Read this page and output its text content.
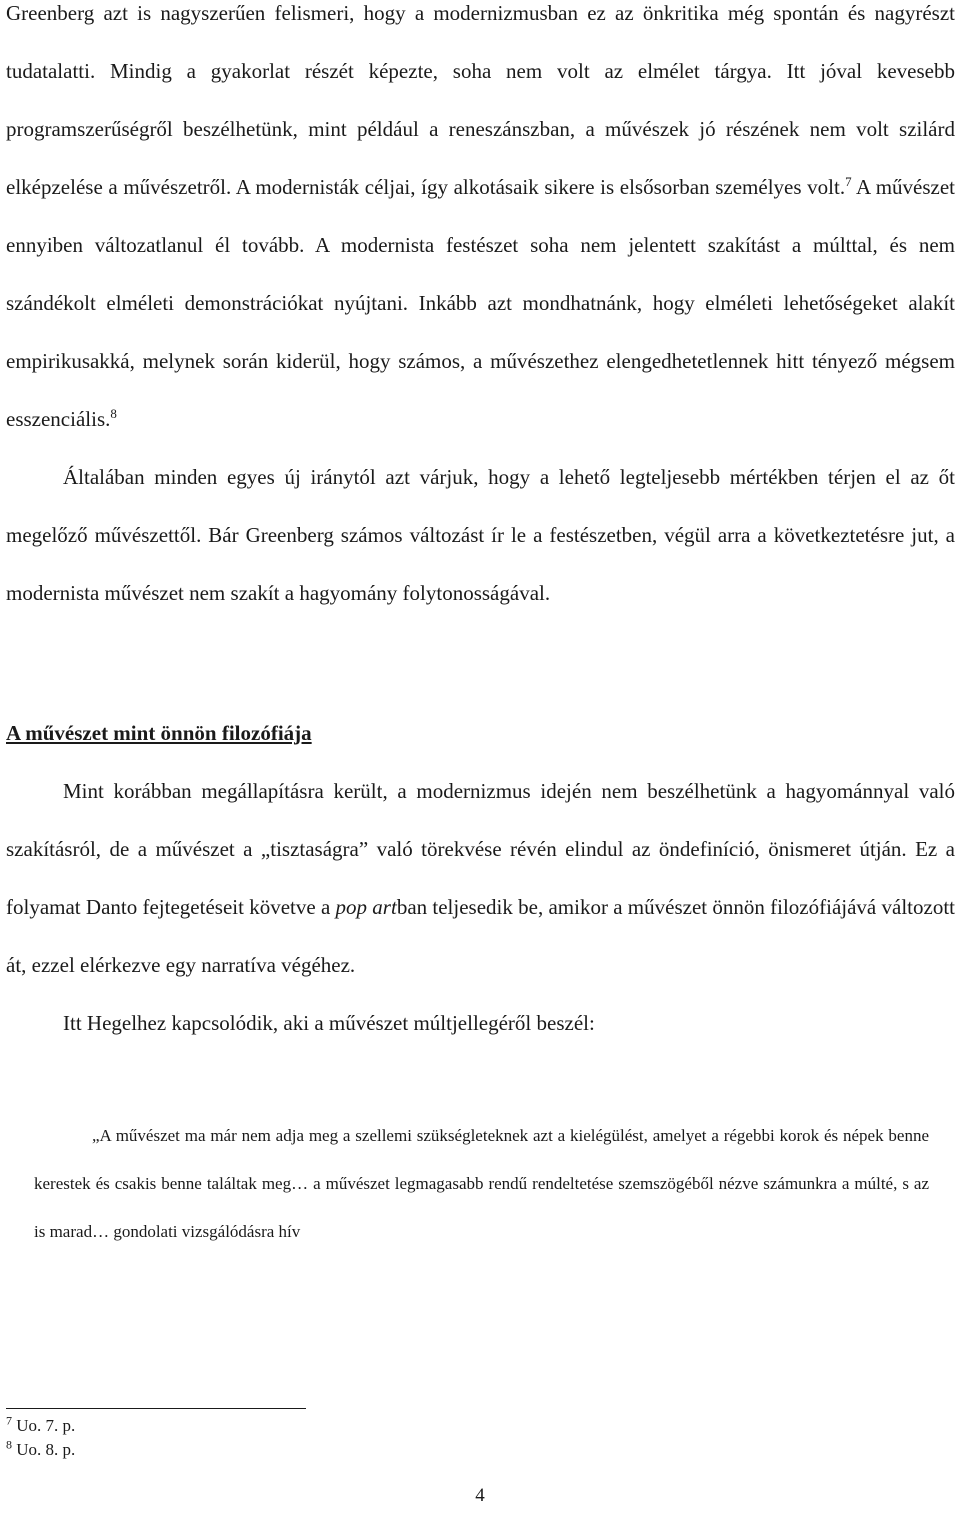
Greenberg azt is nagyszerűen felismeri, hogy a modernizmusban ez az önkritika még spontán és nagyrészt tudatalatti. Mindig a gyakorlat részét képezte, soha nem volt az elmélet tárgya. Itt jóval kevesebb programszerűségről beszélhetünk, mint például a reneszánszban, a művészek jó részének nem volt szilárd elképzelése a művészetről. A modernisták céljai, így alkotásaik sikere is elsősorban személyes volt.$^7$ A művészet ennyiben változatlanul él tovább. A modernista festészet soha nem jelentett szakítást a múlttal, és nem szándékolt elméleti demonstrációkat nyújtani. Inkább azt mondhatnánk, hogy elméleti lehetőségeket alakít empirikusakká, melynek során kiderül, hogy számos, a művészethez elengedhetetlennek hitt tényező mégsem esszenciális.$^8$

Általában minden egyes új iránytól azt várjuk, hogy a lehető legteljesebb mértékben térjen el az őt megelőző művészettől. Bár Greenberg számos változást ír le a festészetben, végül arra a következtetésre jut, a modernista művészet nem szakít a hagyomány folytonosságával.

A művészet mint önnön filozófiája

Mint korábban megállapításra került, a modernizmus idején nem beszélhetünk a hagyománnyal való szakításról, de a művészet a „tisztaságra” való törekvése révén elindul az öndefiníció, önismeret útján. Ez a folyamat Danto fejtegetéseit követve a pop artban teljesedik be, amikor a művészet önnön filozófiájává változott át, ezzel elérkezve egy narratíva végéhez.

Itt Hegelhez kapcsolódik, aki a művészet múltjellegéről beszél:

„A művészet ma már nem adja meg a szellemi szükségleteknek azt a kielégülést, amelyet a régebbi korok és népek benne kerestek és csakis benne találtak meg… a művészet legmagasabb rendű rendeltetése szemszögéből nézve számunkra a múlté, s az is marad… gondolati vizsgálódásra hív

$^7$ Uo. 7. p.
$^8$ Uo. 8. p.
4
